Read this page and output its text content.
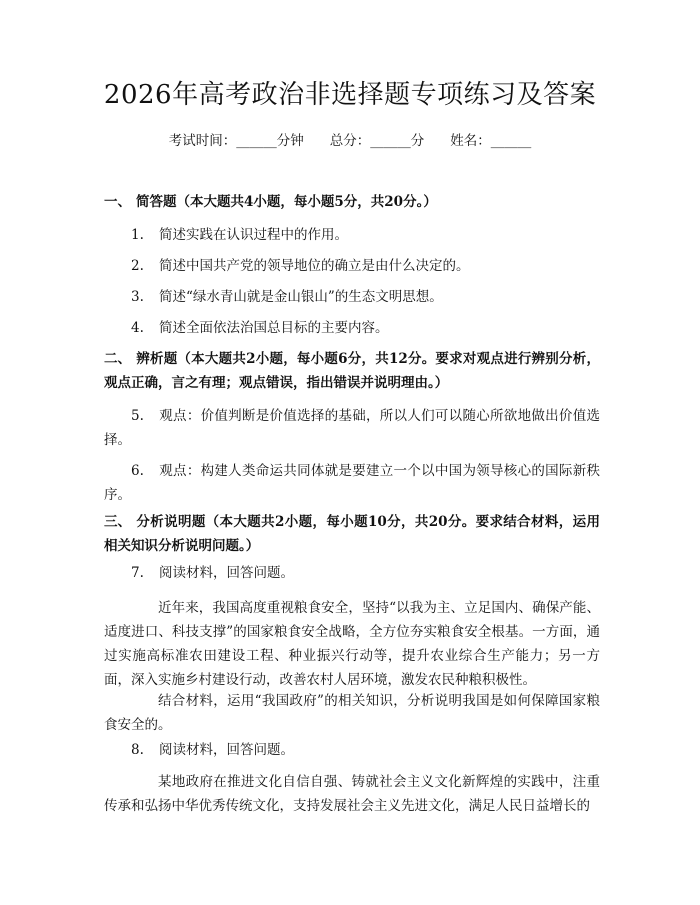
2026年高考政治非选择题专项练习及答案
考试时间：______分钟 总分：______分 姓名：______
一、 简答题（本大题共4小题，每小题5分，共20分。）
1. 简述实践在认识过程中的作用。
2. 简述中国共产党的领导地位的确立是由什么决定的。
3. 简述“绿水青山就是金山银山”的生态文明思想。
4. 简述全面依法治国总目标的主要内容。
二、 辨析题（本大题共2小题，每小题6分，共12分。要求对观点进行辨别分析，观点正确，言之有理；观点错误，指出错误并说明理由。）
5. 观点：价值判断是价值选择的基础，所以人们可以随心所欲地做出价值选择。
6. 观点：构建人类命运共同体就是要建立一个以中国为领导核心的国际新秩序。
三、 分析说明题（本大题共2小题，每小题10分，共20分。要求结合材料，运用相关知识分析说明问题。）
7. 阅读材料，回答问题。
近年来，我国高度重视粮食安全，坚持“以我为主、立足国内、确保产能、适度进口、科技支撑”的国家粮食安全战略，全方位夯实粮食安全根基。一方面，通过实施高标准农田建设工程、种业振兴行动等，提升农业综合生产能力；另一方面，深入实施乡村建设行动，改善农村人居环境，激发农民种粮积极性。
结合材料，运用“我国政府”的相关知识，分析说明我国是如何保障国家粮食安全的。
8. 阅读材料，回答问题。
某地政府在推进文化自信自强、铸就社会主义文化新辉煌的实践中，注重传承和弘扬中华优秀传统文化，支持发展社会主义先进文化，满足人民日益增长的
